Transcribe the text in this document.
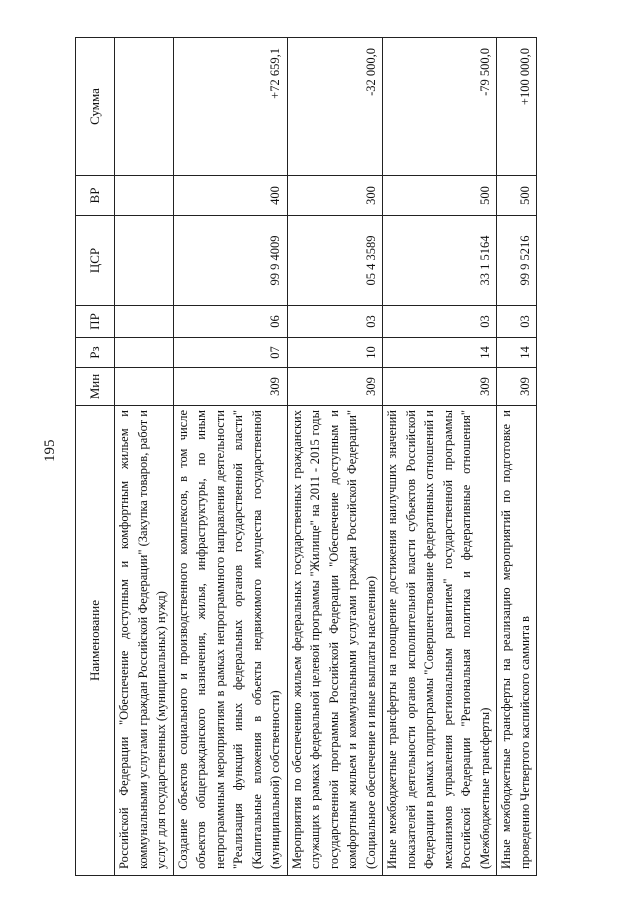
195
Наименование	Мин	Рз	ПР	ЦСР	ВР	Сумма

Российской Федерации "Обеспечение доступным и комфортным жильем и коммунальными услугами граждан Российской Федерации" (Закупка товаров, работ и услуг для государственных (муниципальных) нужд)						

Создание объектов социального и производственного комплексов, в том числе объектов общегражданского назначения, жилья, инфраструктуры, по иным непрограммным мероприятиям в рамках непрограммного направления деятельности "Реализация функций иных федеральных органов государственной власти" (Капитальные вложения в объекты недвижимого имущества государственной (муниципальной) собственности)	309	07	06	99 9 4009	400	+72 659,1

Мероприятия по обеспечению жильем федеральных государственных гражданских служащих в рамках федеральной целевой программы "Жилище" на 2011 - 2015 годы государственной программы Российской Федерации "Обеспечение доступным и комфортным жильем и коммунальными услугами граждан Российской Федерации" (Социальное обеспечение и иные выплаты населению)	309	10	03	05 4 3589	300	-32 000,0

Иные межбюджетные трансферты на поощрение достижения наилучших значений показателей деятельности органов исполнительной власти субъектов Российской Федерации в рамках подпрограммы "Совершенствование федеративных отношений и механизмов управления региональным развитием" государственной программы Российской Федерации "Региональная политика и федеративные отношения" (Межбюджетные трансферты)	309	14	03	33 1 5164	500	-79 500,0

Иные межбюджетные трансферты на реализацию мероприятий по подготовке и проведению Четвертого каспийского саммита в	309	14	03	99 9 5216	500	+100 000,0
